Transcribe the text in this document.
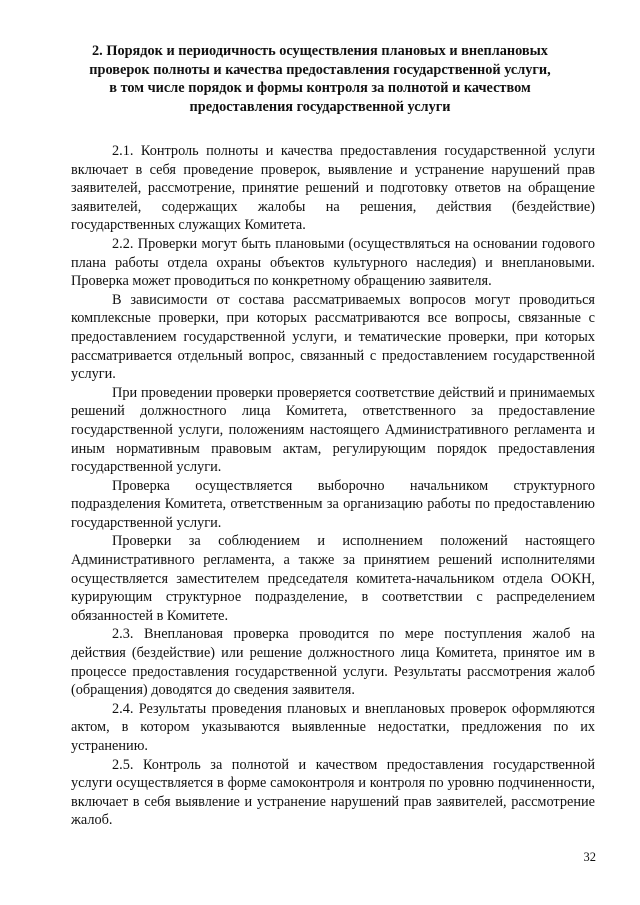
2. Порядок и периодичность осуществления плановых и внеплановых
проверок полноты и качества предоставления государственной услуги,
в том числе порядок и формы контроля за полнотой и качеством
предоставления государственной услуги

2.1. Контроль полноты и качества предоставления государственной услуги включает в себя проведение проверок, выявление и устранение нарушений прав заявителей, рассмотрение, принятие решений и подготовку ответов на обращение заявителей, содержащих жалобы на решения, действия (бездействие) государственных служащих Комитета.

2.2. Проверки могут быть плановыми (осуществляться на основании годового плана работы отдела охраны объектов культурного наследия) и внеплановыми. Проверка может проводиться по конкретному обращению заявителя.

В зависимости от состава рассматриваемых вопросов могут проводиться комплексные проверки, при которых рассматриваются все вопросы, связанные с предоставлением государственной услуги, и тематические проверки, при которых рассматривается отдельный вопрос, связанный с предоставлением государственной услуги.

При проведении проверки проверяется соответствие действий и принимаемых решений должностного лица Комитета, ответственного за предоставление государственной услуги, положениям настоящего Административного регламента и иным нормативным правовым актам, регулирующим порядок предоставления государственной услуги.

Проверка осуществляется выборочно начальником структурного подразделения Комитета, ответственным за организацию работы по предоставлению государственной услуги.

Проверки за соблюдением и исполнением положений настоящего Административного регламента, а также за принятием решений исполнителями осуществляется заместителем председателя комитета-начальником отдела ООКН, курирующим структурное подразделение, в соответствии с распределением обязанностей в Комитете.

2.3. Внеплановая проверка проводится по мере поступления жалоб на действия (бездействие) или решение должностного лица Комитета, принятое им в процессе предоставления государственной услуги. Результаты рассмотрения жалоб (обращения) доводятся до сведения заявителя.

2.4. Результаты проведения плановых и внеплановых проверок оформляются актом, в котором указываются выявленные недостатки, предложения по их устранению.

2.5. Контроль за полнотой и качеством предоставления государственной услуги осуществляется в форме самоконтроля и контроля по уровню подчиненности, включает в себя выявление и устранение нарушений прав заявителей, рассмотрение жалоб.

32
